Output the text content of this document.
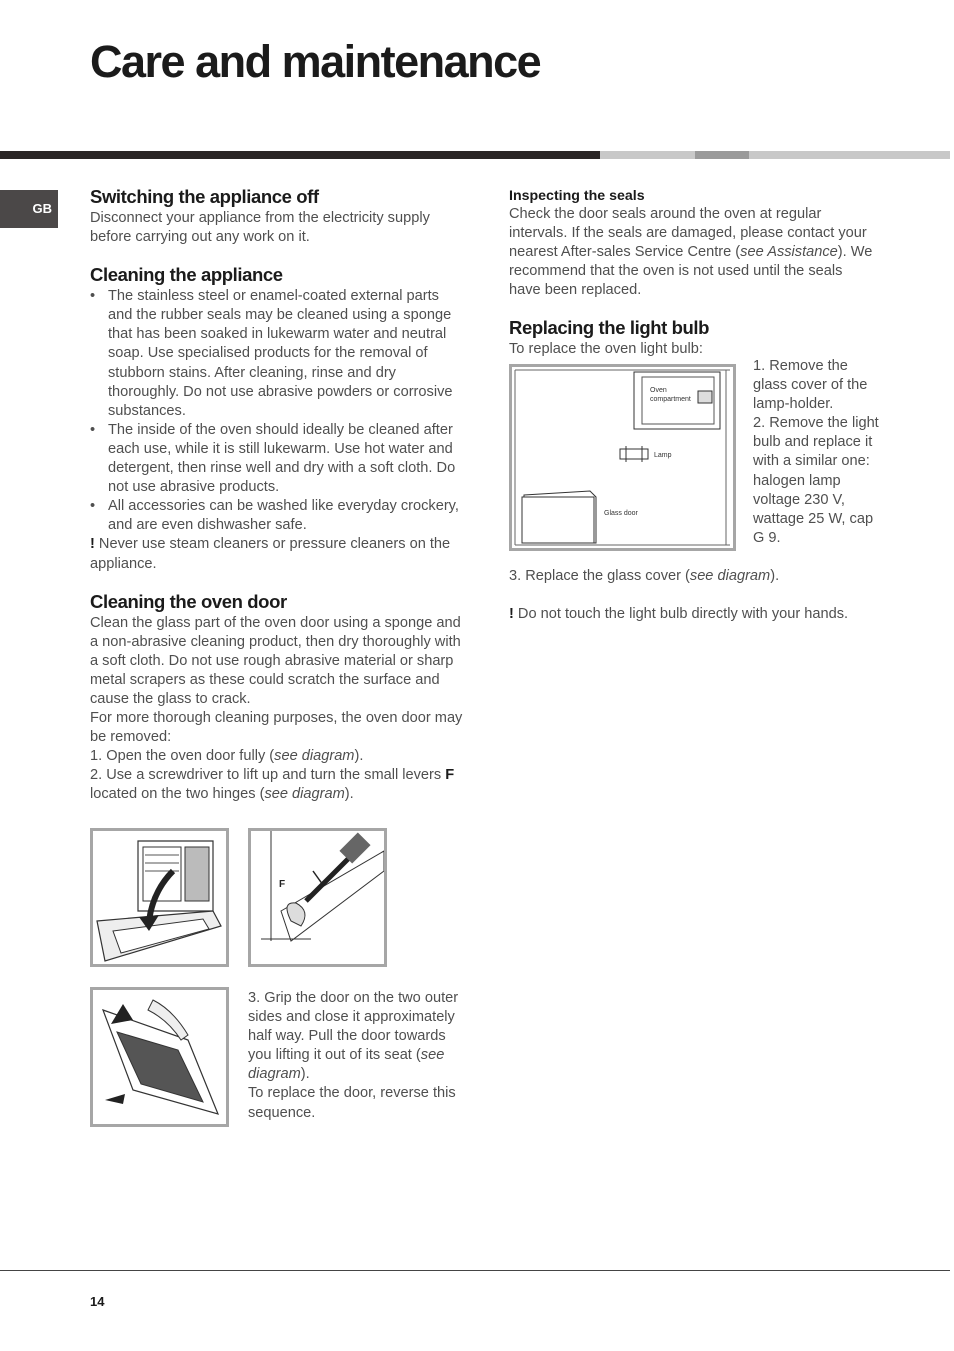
Care and maintenance
GB
Switching the appliance off

Disconnect your appliance from the electricity supply before carrying out any work on it.

Cleaning the appliance
• The stainless steel or enamel-coated external parts and the rubber seals may be cleaned using a sponge that has been soaked in lukewarm water and neutral soap. Use specialised products for the removal of stubborn stains. After cleaning, rinse and dry thoroughly. Do not use abrasive powders or corrosive substances.
• The inside of the oven should ideally be cleaned after each use, while it is still lukewarm. Use hot water and detergent, then rinse well and dry with a soft cloth. Do not use abrasive products.
• All accessories can be washed like everyday crockery, and are even dishwasher safe.

! Never use steam cleaners or pressure cleaners on the appliance.

Cleaning the oven door

Clean the glass part of the oven door using a sponge and a non-abrasive cleaning product, then dry thoroughly with a soft cloth. Do not use rough abrasive material or sharp metal scrapers as these could scratch the surface and cause the glass to crack.

For more thorough cleaning purposes, the oven door may be removed:

1. Open the oven door fully (see diagram).

2. Use a screwdriver to lift up and turn the small levers F located on the two hinges (see diagram).

F

3. Grip the door on the two outer sides and close it approximately half way. Pull the door towards you lifting it out of its seat (see diagram).

To replace the door, reverse this sequence.

Inspecting the seals

Check the door seals around the oven at regular intervals. If the seals are damaged, please contact your nearest After-sales Service Centre (see Assistance). We recommend that the oven is not used until the seals have been replaced.

Replacing the light bulb

To replace the oven light bulb:

Oven
compartment
Lamp
Glass door

1. Remove the glass cover of the lamp-holder.

2. Remove the light bulb and replace it with a similar one: halogen lamp voltage 230 V, wattage 25 W, cap G 9.

3. Replace the glass cover (see diagram).

! Do not touch the light bulb directly with your hands.

14
